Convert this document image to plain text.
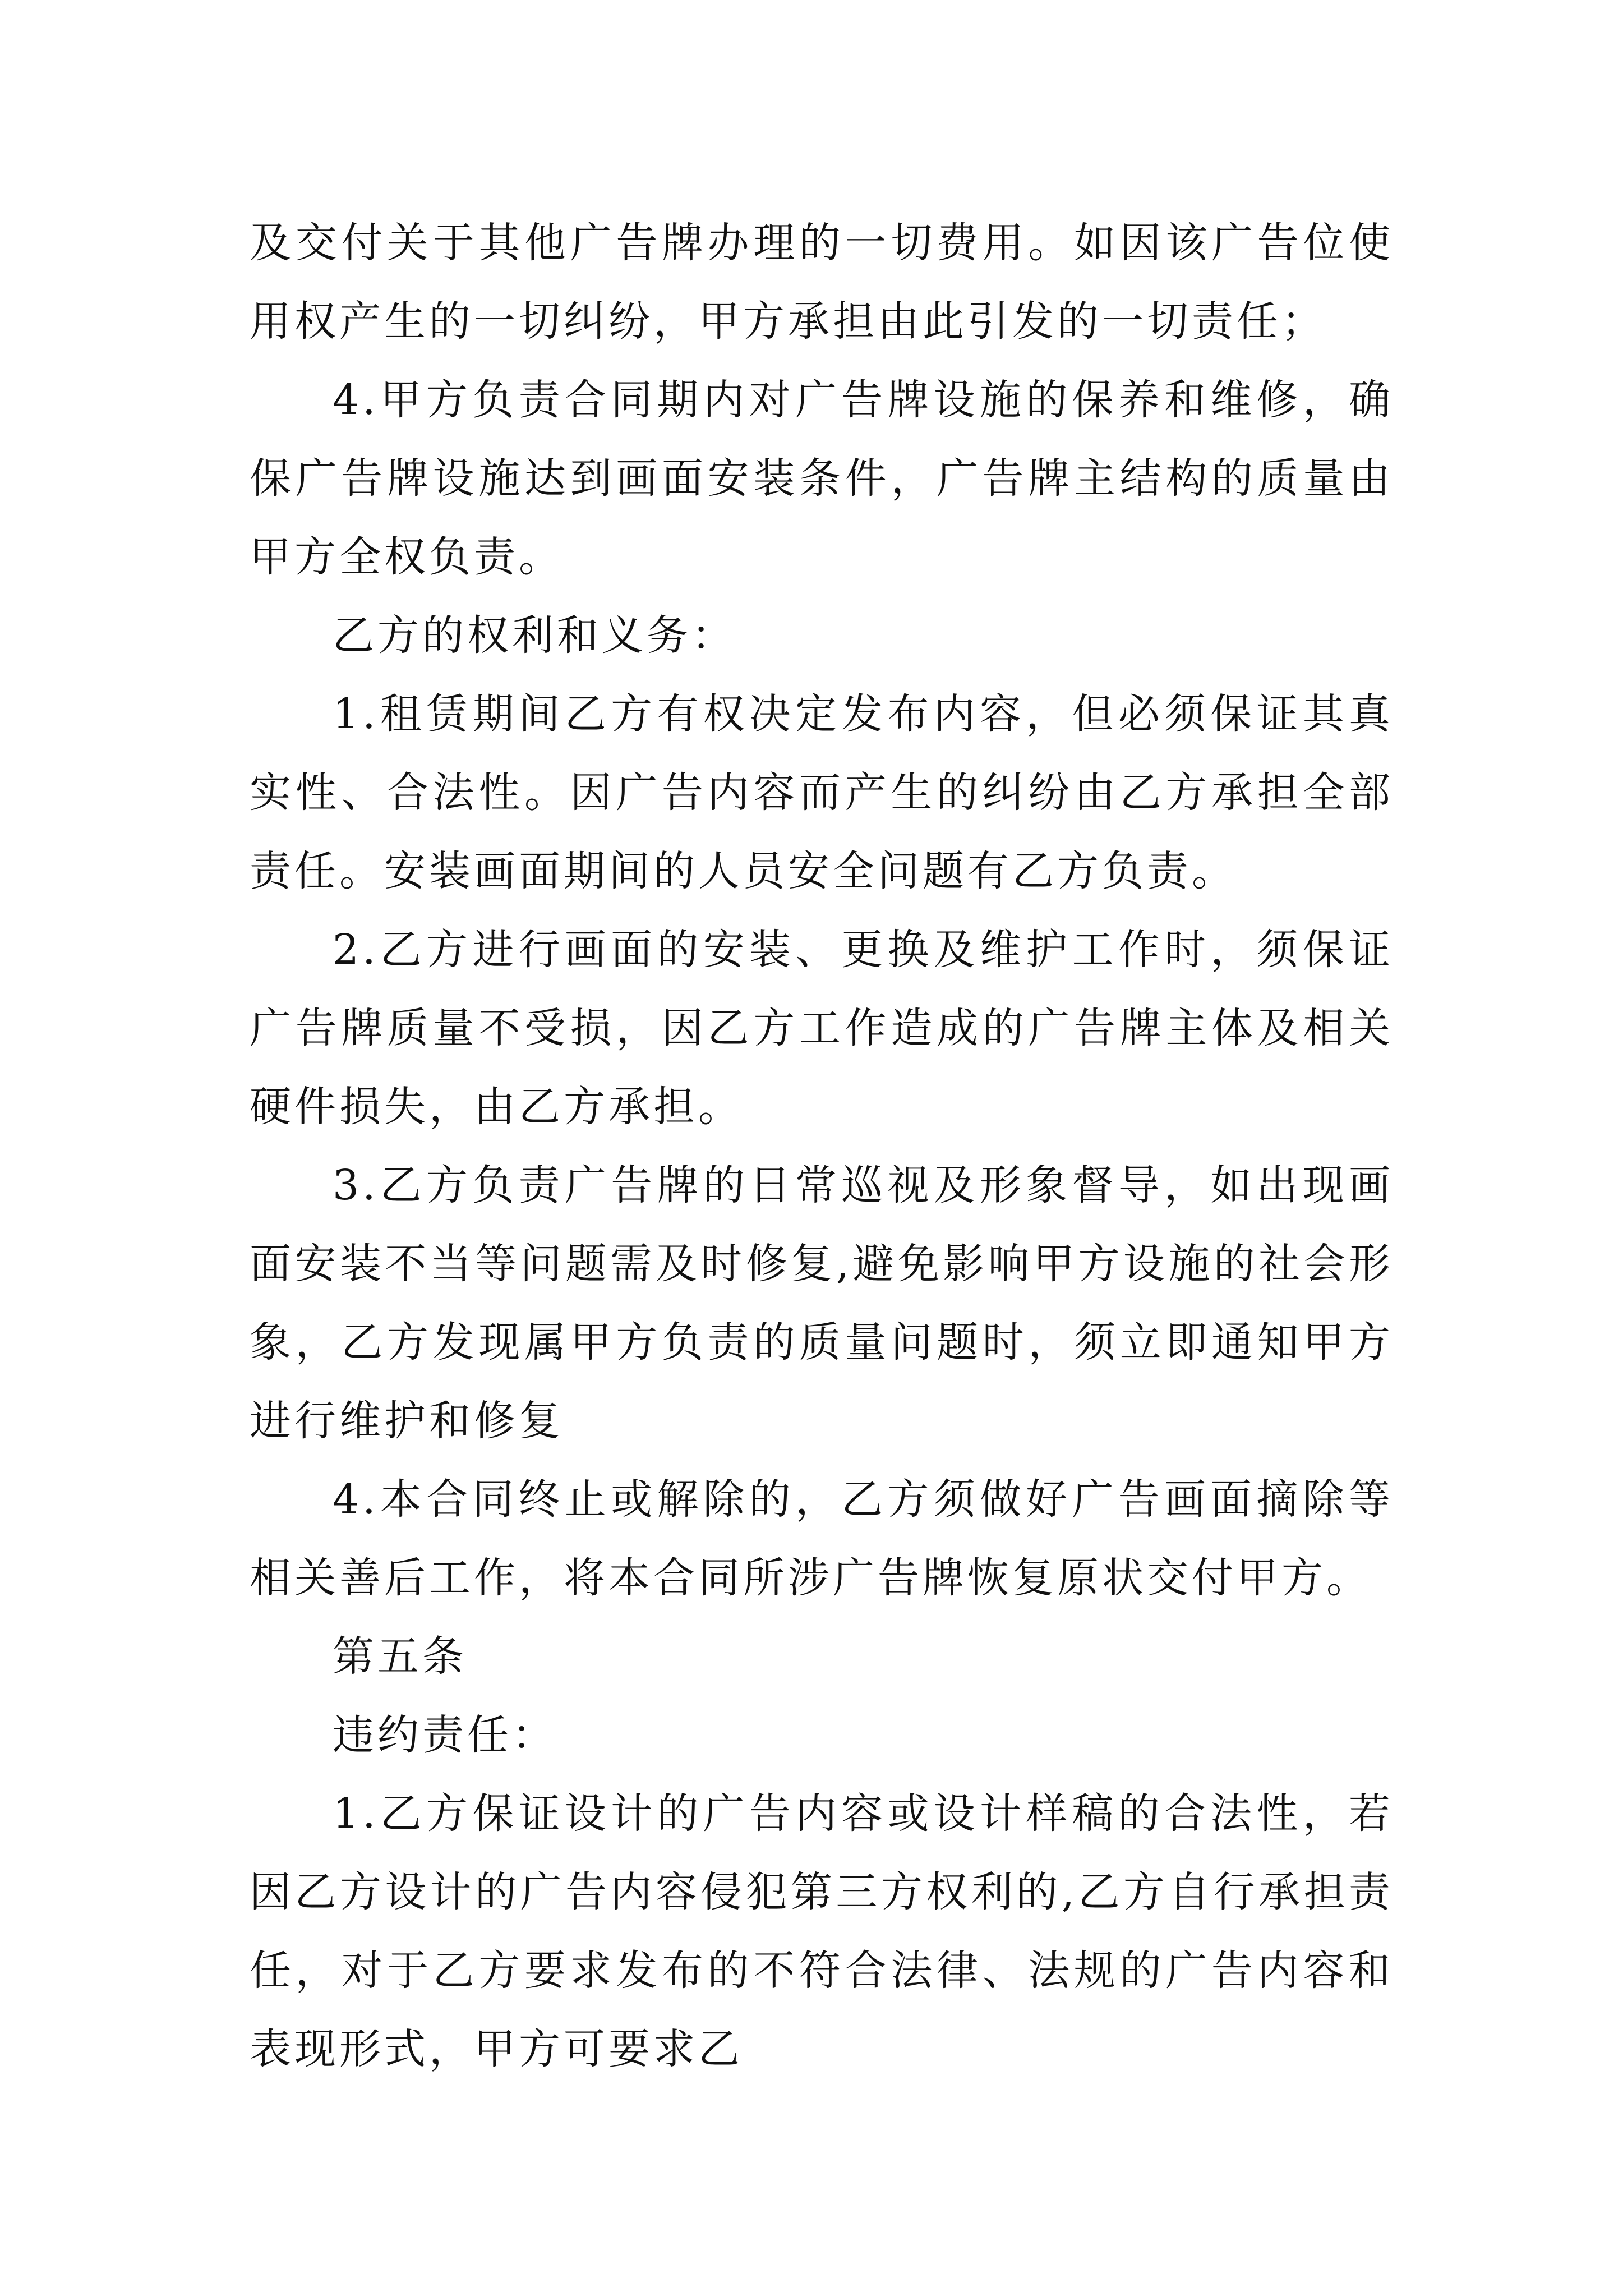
及交付关于其他广告牌办理的一切费用。如因该广告位使用权产生的一切纠纷，甲方承担由此引发的一切责任；

4.甲方负责合同期内对广告牌设施的保养和维修，确保广告牌设施达到画面安装条件，广告牌主结构的质量由甲方全权负责。

乙方的权利和义务：

1.租赁期间乙方有权决定发布内容，但必须保证其真实性、合法性。因广告内容而产生的纠纷由乙方承担全部责任。安装画面期间的人员安全问题有乙方负责。

2.乙方进行画面的安装、更换及维护工作时，须保证广告牌质量不受损，因乙方工作造成的广告牌主体及相关硬件损失，由乙方承担。

3.乙方负责广告牌的日常巡视及形象督导，如出现画面安装不当等问题需及时修复,避免影响甲方设施的社会形象，乙方发现属甲方负责的质量问题时，须立即通知甲方进行维护和修复

4.本合同终止或解除的，乙方须做好广告画面摘除等相关善后工作，将本合同所涉广告牌恢复原状交付甲方。

第五条

违约责任：

1.乙方保证设计的广告内容或设计样稿的合法性，若因乙方设计的广告内容侵犯第三方权利的,乙方自行承担责任，对于乙方要求发布的不符合法律、法规的广告内容和表现形式，甲方可要求乙
